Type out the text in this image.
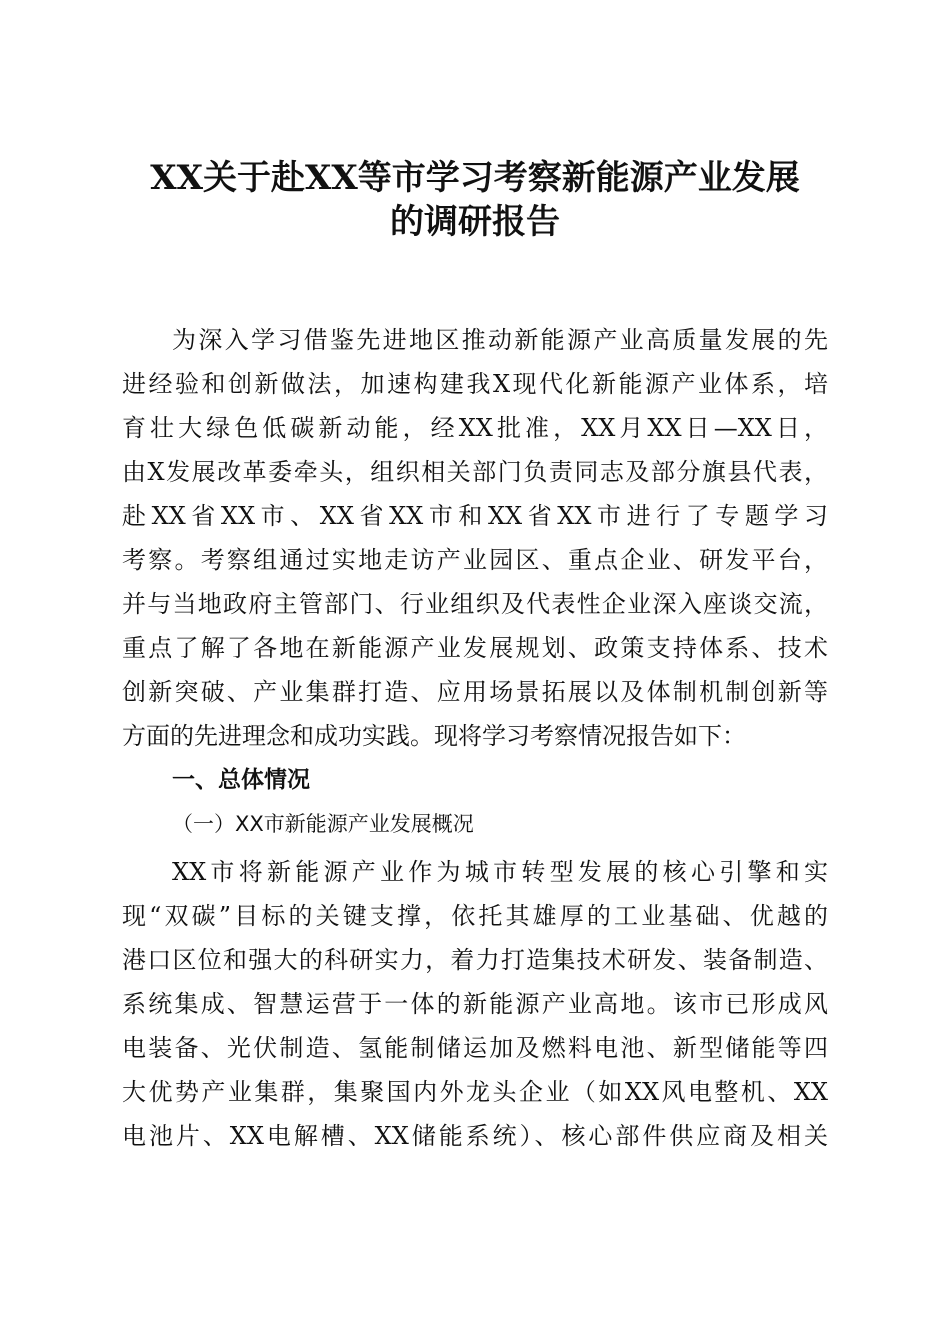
XX关于赴XX等市学习考察新能源产业发展
的调研报告
为深入学习借鉴先进地区推动新能源产业高质量发展的先
进经验和创新做法，加速构建我X现代化新能源产业体系，培
育壮大绿色低碳新动能，经XX批准，XX月XX日—XX日，
由X发展改革委牵头，组织相关部门负责同志及部分旗县代表，
赴XX省XX市、XX省XX市和XX省XX市进行了专题学习
考察。考察组通过实地走访产业园区、重点企业、研发平台，
并与当地政府主管部门、行业组织及代表性企业深入座谈交流，
重点了解了各地在新能源产业发展规划、政策支持体系、技术
创新突破、产业集群打造、应用场景拓展以及体制机制创新等
方面的先进理念和成功实践。现将学习考察情况报告如下：
一、总体情况
（一）XX市新能源产业发展概况
XX市将新能源产业作为城市转型发展的核心引擎和实
现“双碳”目标的关键支撑，依托其雄厚的工业基础、优越的
港口区位和强大的科研实力，着力打造集技术研发、装备制造、
系统集成、智慧运营于一体的新能源产业高地。该市已形成风
电装备、光伏制造、氢能制储运加及燃料电池、新型储能等四
大优势产业集群，集聚国内外龙头企业（如XX风电整机、XX
电池片、XX电解槽、XX储能系统）、核心部件供应商及相关
